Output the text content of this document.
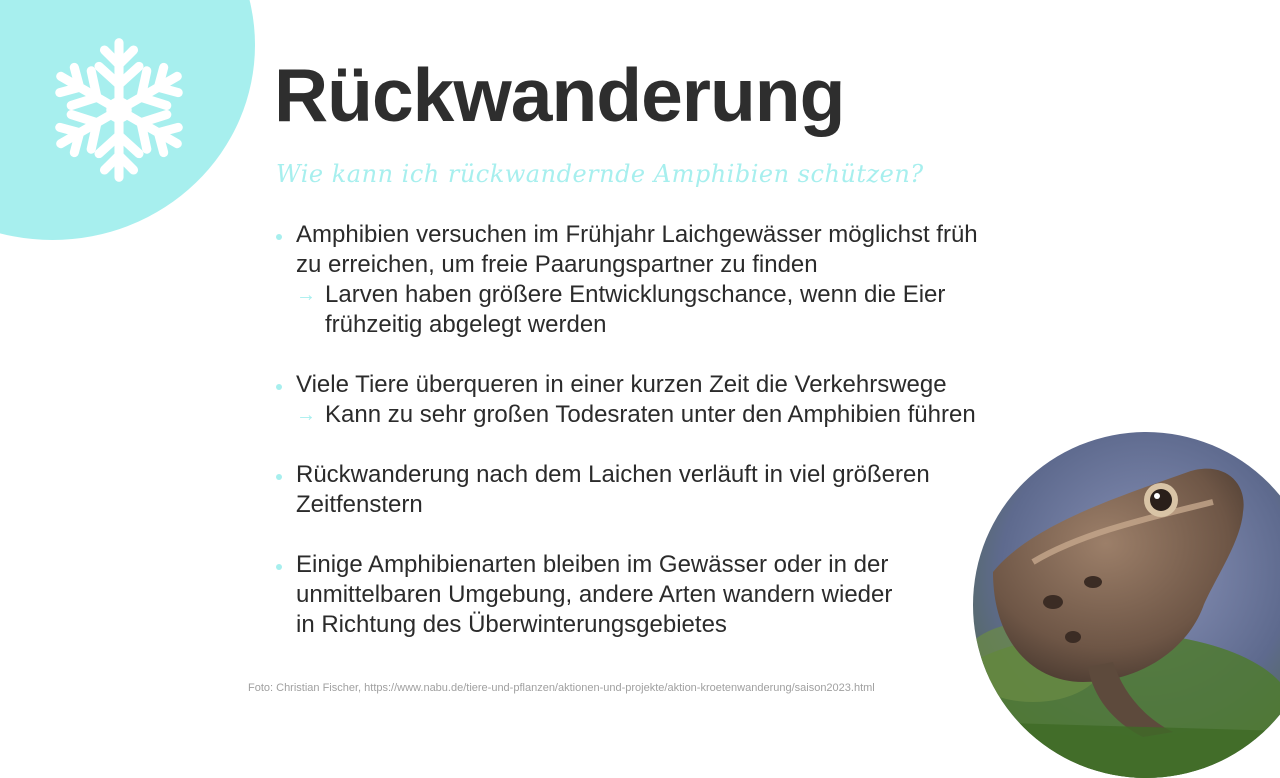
Rückwanderung
Wie kann ich rückwandernde Amphibien schützen?
Amphibien versuchen im Frühjahr Laichgewässer möglichst früh
zu erreichen, um freie Paarungspartner zu finden
→ Larven haben größere Entwicklungschance, wenn die Eier
frühzeitig abgelegt werden
Viele Tiere überqueren in einer kurzen Zeit die Verkehrswege
→ Kann zu sehr großen Todesraten unter den Amphibien führen
Rückwanderung nach dem Laichen verläuft in viel größeren
Zeitfenstern
Einige Amphibienarten bleiben im Gewässer oder in der
unmittelbaren Umgebung, andere Arten wandern wieder
in Richtung des Überwinterungsgebietes
Foto: Christian Fischer, https://www.nabu.de/tiere-und-pflanzen/aktionen-und-projekte/aktion-kroetenwanderung/saison2023.html
